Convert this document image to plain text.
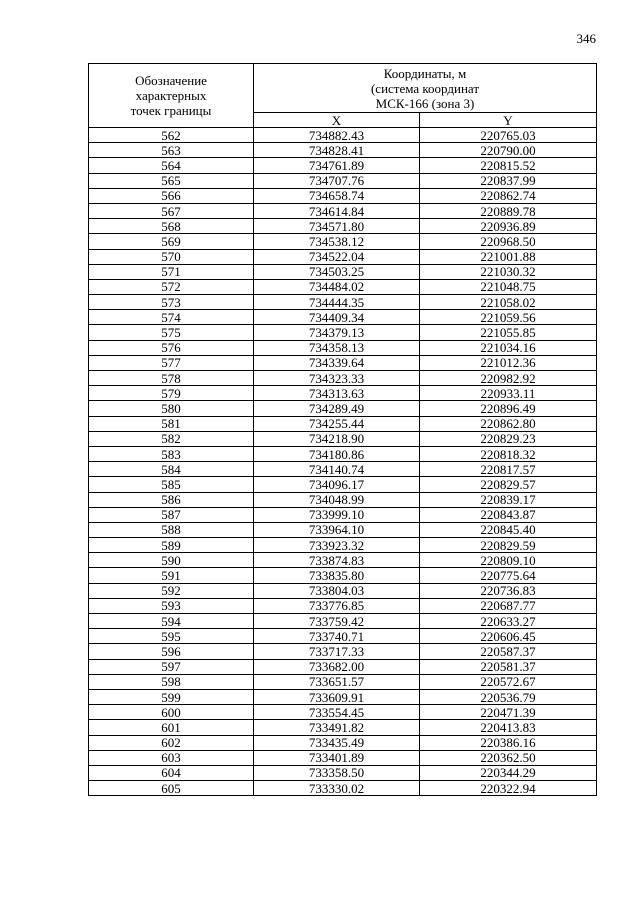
346
Обозначение
характерных
точек границы	Координаты, м
(система координат
МСК-166 (зона 3)	

	X	Y
562	734882.43	220765.03
563	734828.41	220790.00
564	734761.89	220815.52
565	734707.76	220837.99
566	734658.74	220862.74
567	734614.84	220889.78
568	734571.80	220936.89
569	734538.12	220968.50
570	734522.04	221001.88
571	734503.25	221030.32
572	734484.02	221048.75
573	734444.35	221058.02
574	734409.34	221059.56
575	734379.13	221055.85
576	734358.13	221034.16
577	734339.64	221012.36
578	734323.33	220982.92
579	734313.63	220933.11
580	734289.49	220896.49
581	734255.44	220862.80
582	734218.90	220829.23
583	734180.86	220818.32
584	734140.74	220817.57
585	734096.17	220829.57
586	734048.99	220839.17
587	733999.10	220843.87
588	733964.10	220845.40
589	733923.32	220829.59
590	733874.83	220809.10
591	733835.80	220775.64
592	733804.03	220736.83
593	733776.85	220687.77
594	733759.42	220633.27
595	733740.71	220606.45
596	733717.33	220587.37
597	733682.00	220581.37
598	733651.57	220572.67
599	733609.91	220536.79
600	733554.45	220471.39
601	733491.82	220413.83
602	733435.49	220386.16
603	733401.89	220362.50
604	733358.50	220344.29
605	733330.02	220322.94
